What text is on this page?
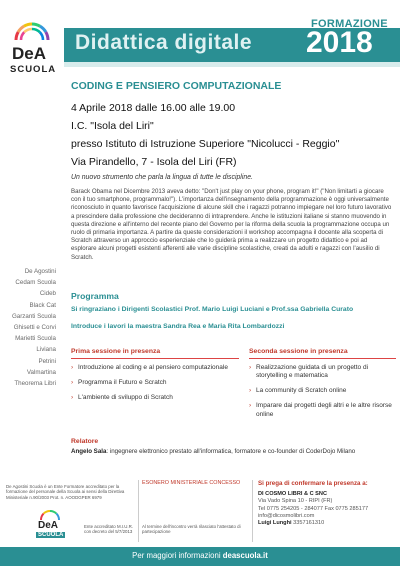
DeA
SCUOLA
Didattica digitale
FORMAZIONE
2018
De Agostini
Cedam Scuola
Cideb
Black Cat
Garzanti Scuola
Ghisetti e Corvi
Marietti Scuola
Liviana
Petrini
Valmartina
Theorema Libri
CODING E PENSIERO COMPUTAZIONALE
4 Aprile 2018 dalle 16.00 alle 19.00
I.C. "Isola del Liri"
presso Istituto di Istruzione Superiore "Nicolucci - Reggio"
Via Pirandello, 7 - Isola del Liri (FR)
Un nuovo strumento che parla la lingua di tutte le discipline.
Barack Obama nel Dicembre 2013 aveva detto: "Don't just play on your phone, program it!" ("Non limitarti a giocare con il tuo smartphone, programmalo!"). L'importanza dell'insegnamento della programmazione è oggi universalmente riconosciuto in quanto favorisce l'acquisizione di alcune skill che i ragazzi potranno impiegare nel loro futuro lavorativo a prescindere dalla professione che decideranno di intraprendere. Anche le istituzioni italiane si stanno muovendo in questa direzione e all'interno del recente piano del Governo per la riforma della scuola la programmazione occupa un ruolo di primaria importanza. A partire da queste considerazioni il workshop accompagna il docente alla scoperta di Scratch attraverso un approccio esperienziale che lo guiderà prima a realizzare un progetto didattico e poi ad esplorare alcuni progetti esistenti afferenti alle varie discipline scolastiche, creati da adulti e ragazzi con l'ausilio di Scratch.
Programma
Si ringraziano i Dirigenti Scolastici Prof. Mario Luigi Luciani e Prof.ssa Gabriella Curato
Introduce i lavori la maestra Sandra Rea e Maria Rita Lombardozzi
Prima sessione in presenza
› Introduzione al coding e al pensiero computazionale
› Programma il Futuro e Scratch
› L'ambiente di sviluppo di Scratch
Seconda sessione in presenza
› Realizzazione guidata di un progetto di storytelling e matematica
› La community di Scratch online
› Imparare dai progetti degli altri e le altre risorse online
Relatore
Angelo Sala: ingegnere elettronico prestato all'informatica, formatore e co-founder di CoderDojo Milano
De Agostini Scuola è un Ente Formatore accreditato per la formazione del personale della Scuola ai sensi della Direttiva Ministeriale n.90/2003 Prot. n. AOODGPER 6979
DeA
SCUOLA
Ente accreditato M.I.U.R. con decreto del 5/7/2013
ESONERO MINISTERIALE CONCESSO
Al termine dell'incontro verrà rilasciato l'attestato di partecipazione
Si prega di confermare la presenza a:
DI COSMO LIBRI & C SNC
Via Vado Spina 10 - RIPI (FR)
Tel 0775 254205 - 284077 Fax 0775 285177
info@dicosmolibri.com
Luigi Lunghi 3357161310
Per maggiori informazioni deascuola.it
